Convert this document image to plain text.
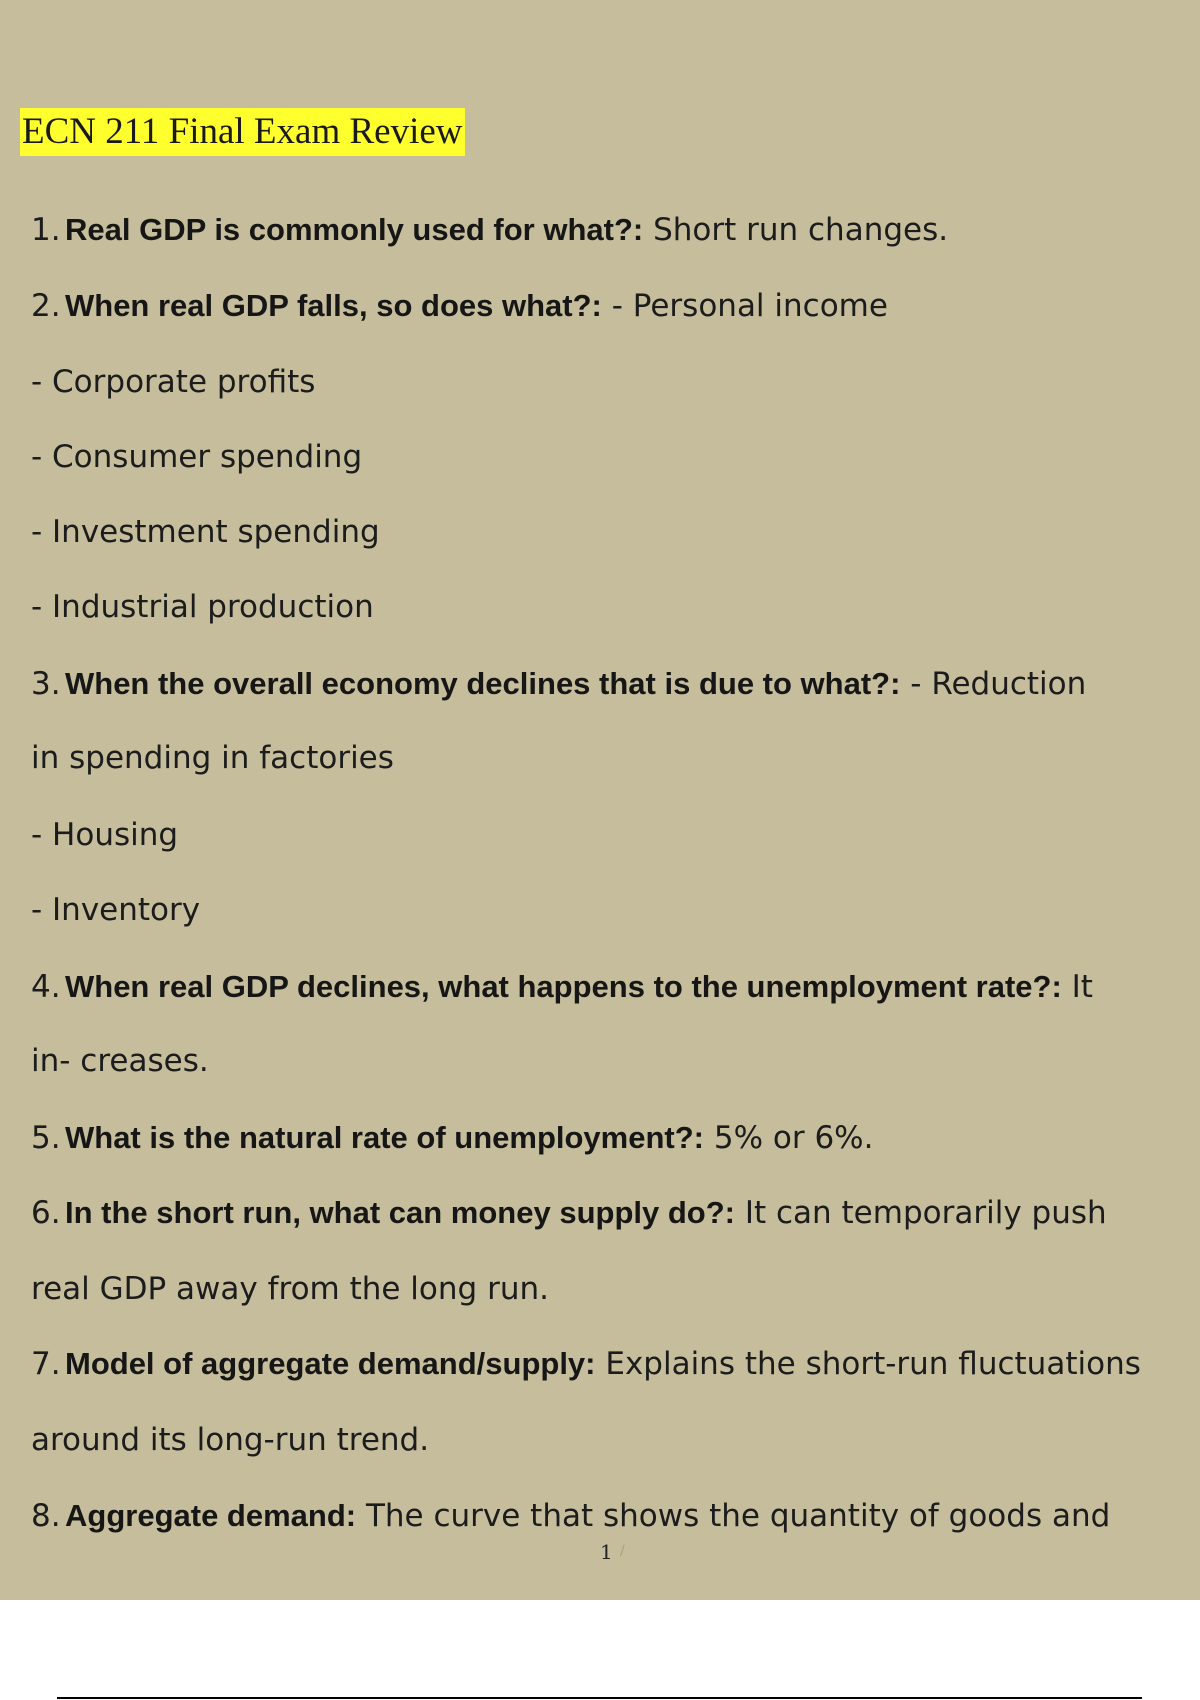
ECN 211 Final Exam Review
1. Real GDP is commonly used for what?: Short run changes.
2. When real GDP falls, so does what?: - Personal income
- Corporate profits
- Consumer spending
- Investment spending
- Industrial production
3. When the overall economy declines that is due to what?: - Reduction
in spending in factories
- Housing
- Inventory
4. When real GDP declines, what happens to the unemployment rate?: It
in- creases.
5. What is the natural rate of unemployment?: 5% or 6%.
6. In the short run, what can money supply do?: It can temporarily push
real GDP away from the long run.
7. Model of aggregate demand/supply: Explains the short-run fluctuations
around its long-run trend.
8. Aggregate demand: The curve that shows the quantity of goods and
1 /
